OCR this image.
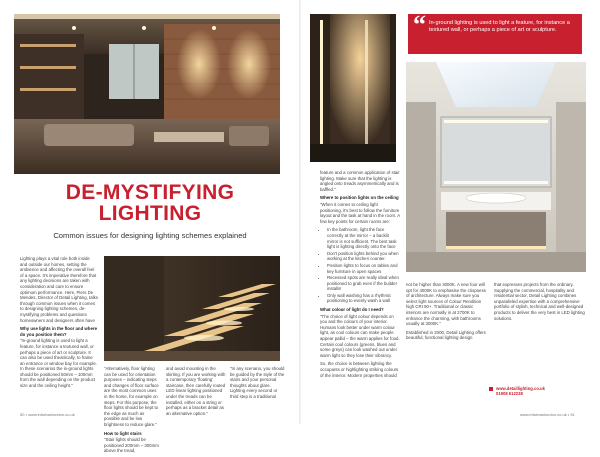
DE-MYSTIFYING
LIGHTING
Common issues for designing lighting schemes explained

Lighting plays a vital role both inside and outside our homes, setting the ambience and affecting the overall feel of a space. It's imperative therefore that any lighting decisions are taken with consideration and care to ensure optimum performance. Here, Piers De Mendes, Director of Detail Lighting, talks through common issues when it comes to designing lighting schemes, de-mystifying problems and questions homeowners and designers often have

Why use lights in the floor and where do you position them?

"In-ground lighting is used to light a feature, for instance a textured wall, or perhaps a piece of art or sculpture. It can also be used theatrically, to frame an entrance or window bay for example. In these scenarios the in-ground lights should be positioned 50mm – 100mm from the wall depending on the product size and the ceiling height."

"Alternatively, floor lighting can be used for orientation purposes – indicating steps and changes of floor surface are the most common uses in the home, for example on steps. For this purpose, the floor lights should be kept to the edge as much as possible and be low brightness to reduce glare."

How to light stairs

"Stair lights should be positioned 200mm – 300mm above the tread,

and avoid mounting in the skirting. If you are working with a contemporary 'floating' staircase, then carefully routed LED linear lighting positioned under the treads can be installed, either on a string or perhaps as a bracket detail as an alternative option."

"In any scenario, you should be guided by the style of the stairs and your personal thoughts about glare. Lighting every second or third step is a traditional

50 • www.infurbanlondon.co.uk
“ In-ground lighting is used to light a feature, for instance a textured wall, or perhaps a piece of art or sculpture.

feature and a common application of stair lighting. Make sure that the lighting is angled onto treads asymmetrically and is baffled."

Where to position lights on the ceiling

"When it comes to ceiling light positioning, it's best to follow the furniture layout and the task at hand in the room. A few key points for certain rooms are:

• In the bathroom, light the face correctly at the mirror – a backlit mirror is not sufficient. The best task light is lighting directly onto the face
• Don't position lights behind you when working at the kitchen counter.
• Position lights to focus on tables and key furniture in open spaces
• Recessed spots are really ideal when positioned to grab even if the builder installs!
• Only wall washing has a rhythmic positioning to evenly wash a wall

What colour of light do I need?

"The choice of light colour depends on you and the colours of your interior. Humans look better under warm colour light, as cool colours can make people appear pallid – the warm applies for food. Certain cool colours (greens, blues and some greys) can look washed out under warm light so they lose their vibrancy.

So, the choice is between lighting the occupants or highlighting striking colours of the interior. Modern properties should

not be higher than 3000K. A new four will opt for 4000K to emphasise the crispness of architecture. Always make sure you select light sources of Colour Rendition high CRI 90+. Traditional or classic interiors are normally in at 2700K to enhance the charming, with bathrooms usually at 3000K."

Established in 2000, Detail Lighting offers beautiful, functional lighting design

that expresses projects from the ordinary. Supplying the commercial, hospitality and residential sector, Detail Lighting combines unparalleled expertise with a comprehensive portfolio of stylish, technical and well-designed products to deliver the very best in LED lighting solutions.

www.detaillighting.co.uk
01908 612238
www.infurbanlondon.co.uk • 51
